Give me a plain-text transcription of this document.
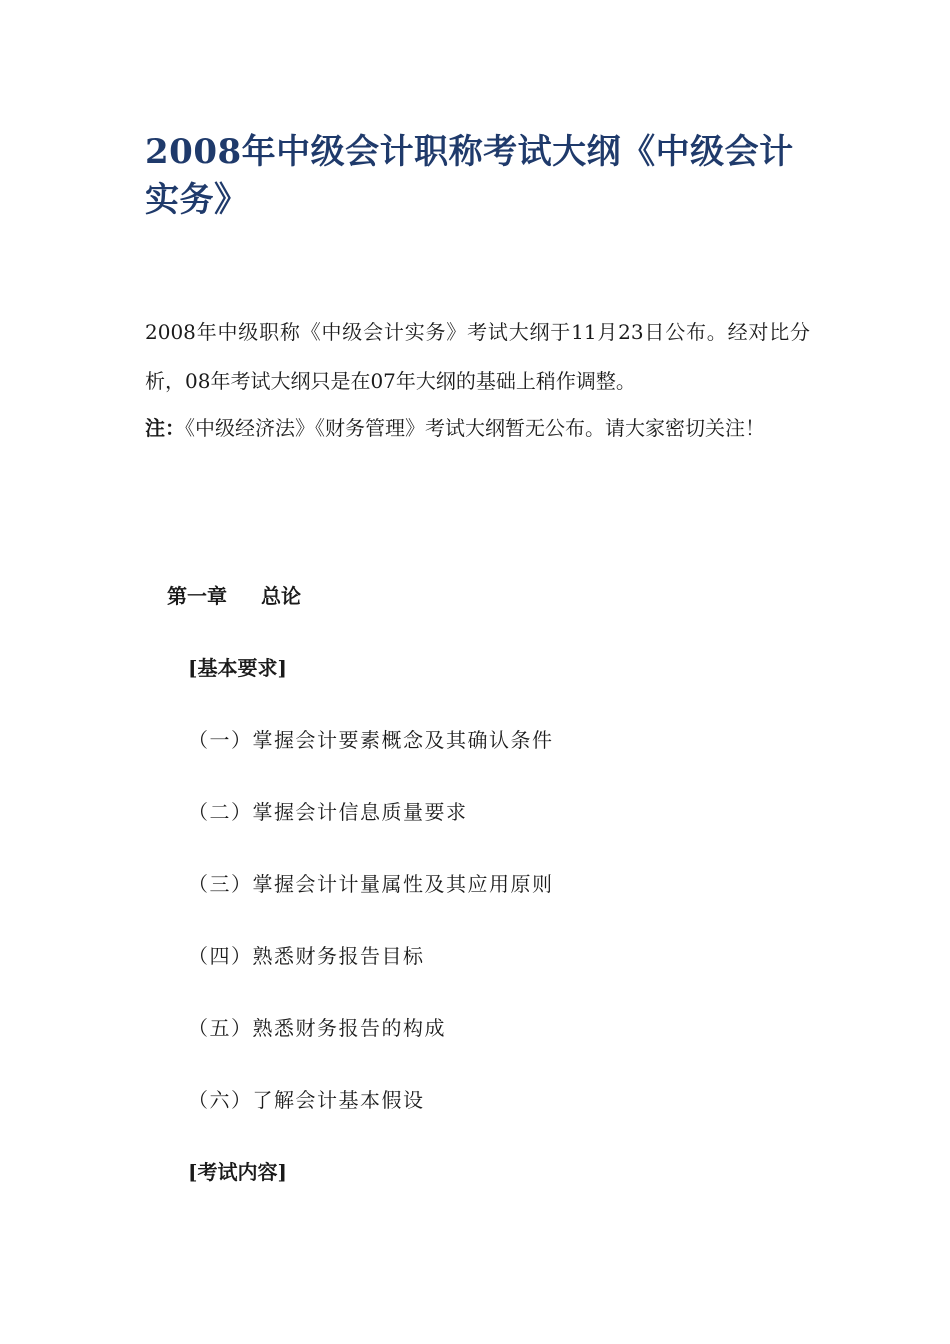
2008年中级会计职称考试大纲《中级会计实务》

2008年中级职称《中级会计实务》考试大纲于11月23日公布。经对比分析，08年考试大纲只是在07年大纲的基础上稍作调整。

注：《中级经济法》《财务管理》考试大纲暂无公布。请大家密切关注！

第一章 总论

[基本要求]

（一）掌握会计要素概念及其确认条件

（二）掌握会计信息质量要求

（三）掌握会计计量属性及其应用原则

（四）熟悉财务报告目标

（五）熟悉财务报告的构成

（六）了解会计基本假设

[考试内容]
